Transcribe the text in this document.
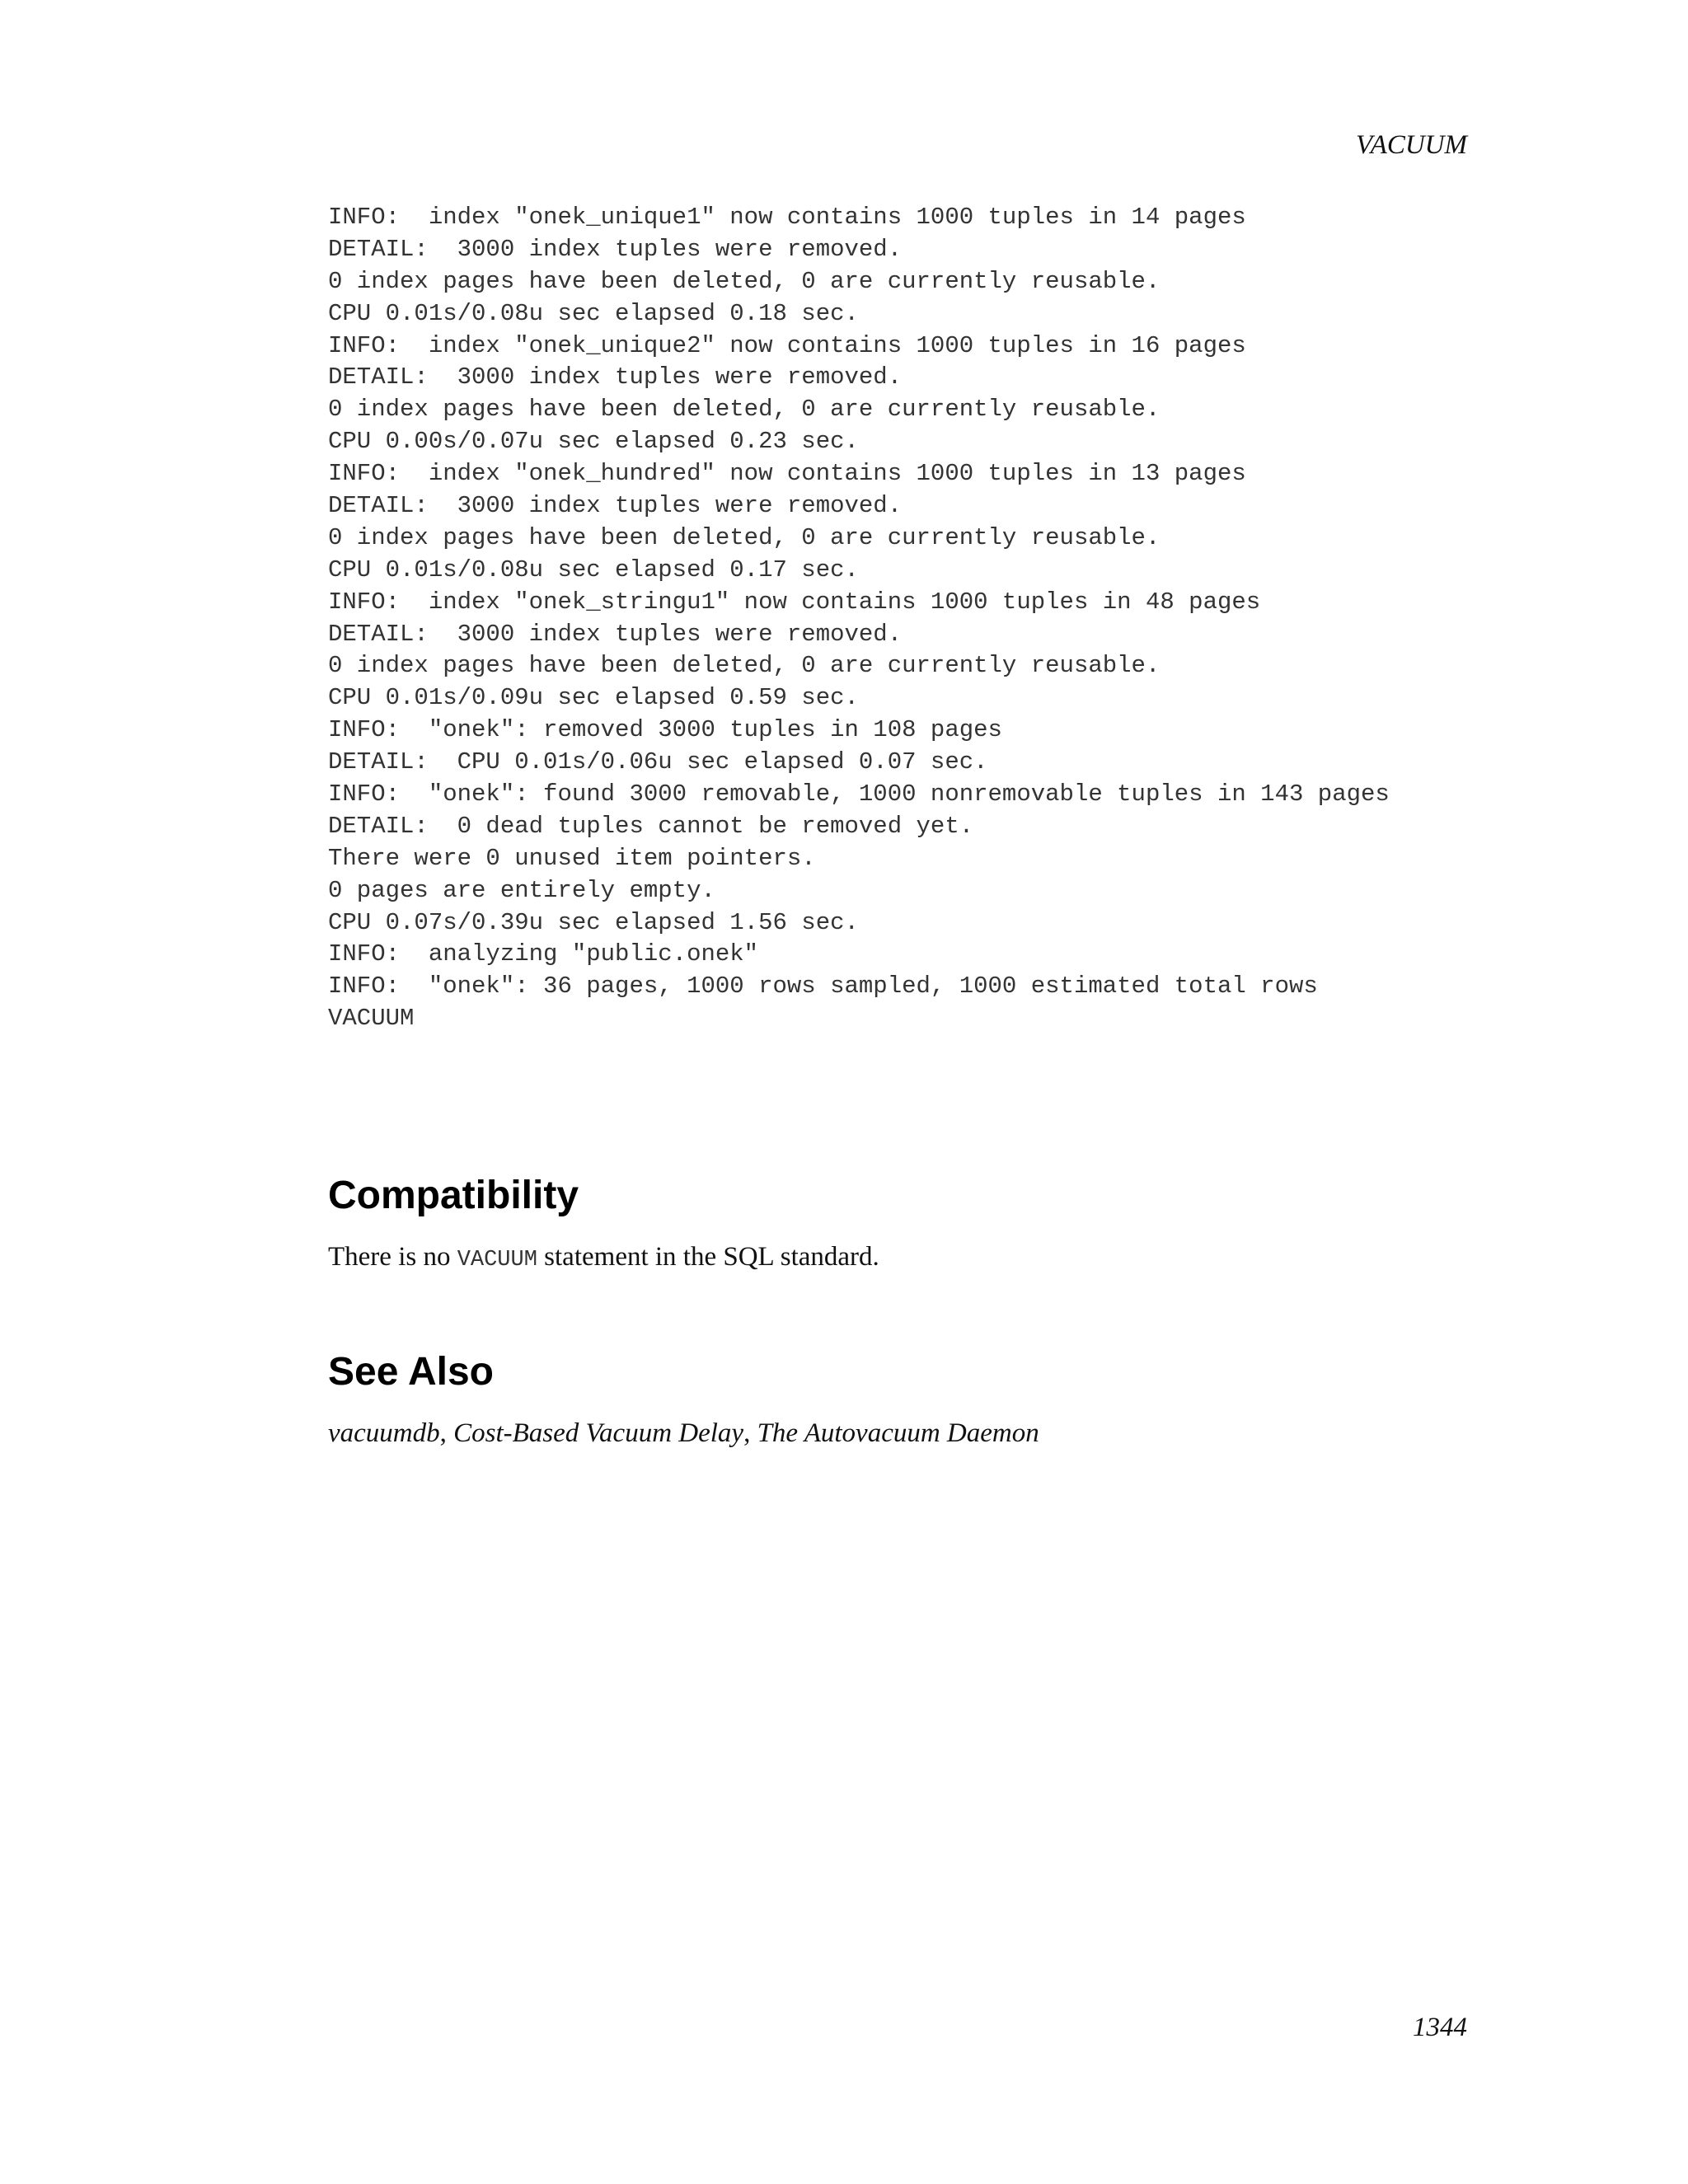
VACUUM
INFO:  index "onek_unique1" now contains 1000 tuples in 14 pages
DETAIL:  3000 index tuples were removed.
0 index pages have been deleted, 0 are currently reusable.
CPU 0.01s/0.08u sec elapsed 0.18 sec.
INFO:  index "onek_unique2" now contains 1000 tuples in 16 pages
DETAIL:  3000 index tuples were removed.
0 index pages have been deleted, 0 are currently reusable.
CPU 0.00s/0.07u sec elapsed 0.23 sec.
INFO:  index "onek_hundred" now contains 1000 tuples in 13 pages
DETAIL:  3000 index tuples were removed.
0 index pages have been deleted, 0 are currently reusable.
CPU 0.01s/0.08u sec elapsed 0.17 sec.
INFO:  index "onek_stringu1" now contains 1000 tuples in 48 pages
DETAIL:  3000 index tuples were removed.
0 index pages have been deleted, 0 are currently reusable.
CPU 0.01s/0.09u sec elapsed 0.59 sec.
INFO:  "onek": removed 3000 tuples in 108 pages
DETAIL:  CPU 0.01s/0.06u sec elapsed 0.07 sec.
INFO:  "onek": found 3000 removable, 1000 nonremovable tuples in 143 pages
DETAIL:  0 dead tuples cannot be removed yet.
There were 0 unused item pointers.
0 pages are entirely empty.
CPU 0.07s/0.39u sec elapsed 1.56 sec.
INFO:  analyzing "public.onek"
INFO:  "onek": 36 pages, 1000 rows sampled, 1000 estimated total rows
VACUUM
Compatibility

There is no VACUUM statement in the SQL standard.

See Also

vacuumdb, Cost-Based Vacuum Delay, The Autovacuum Daemon

1344
